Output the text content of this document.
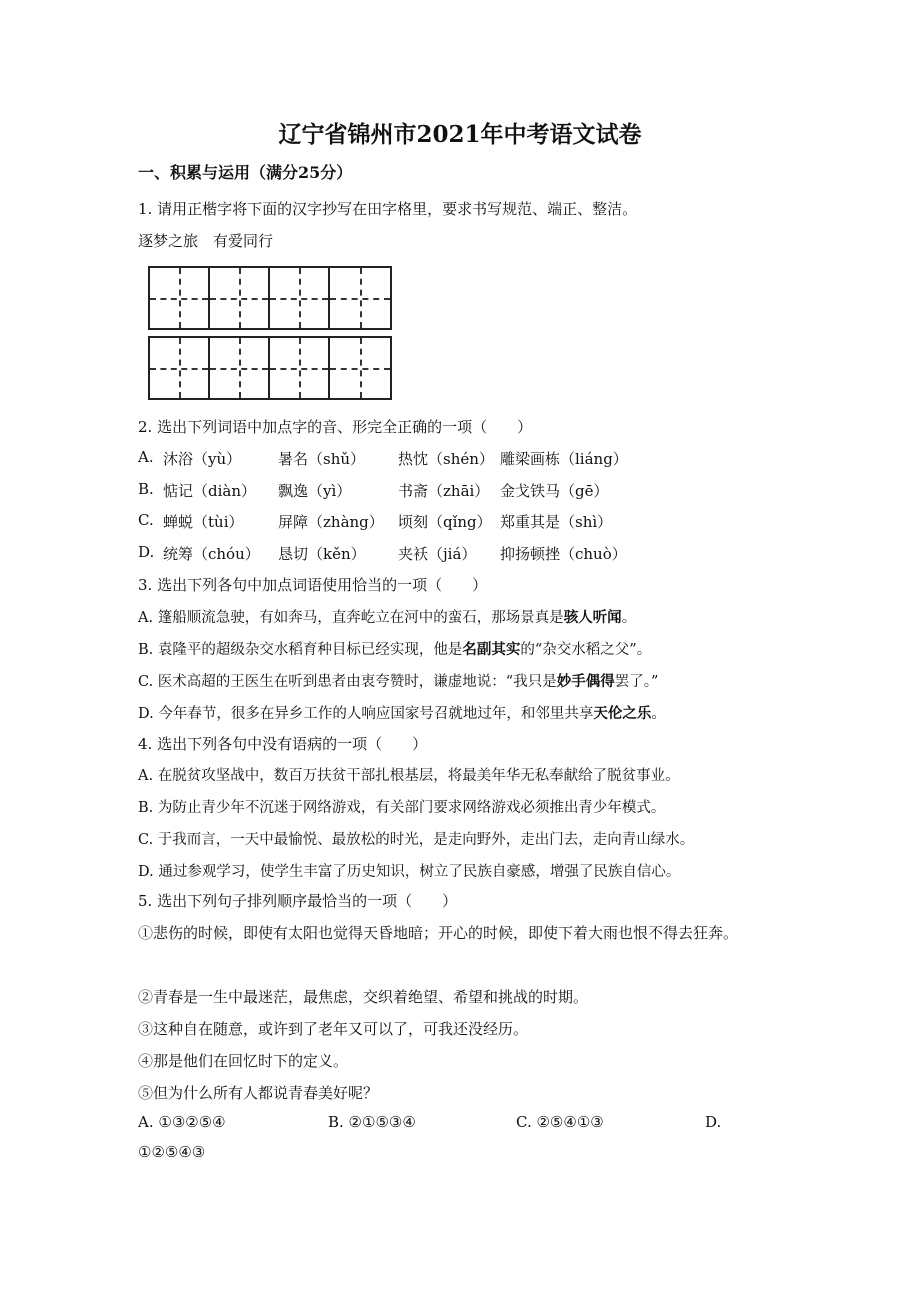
辽宁省锦州市2021年中考语文试卷
一、积累与运用（满分25分）
1. 请用正楷字将下面的汉字抄写在田字格里，要求书写规范、端正、整洁。
逐梦之旅　有爱同行
2. 选出下列词语中加点字的音、形完全正确的一项（　　）
A. 沐浴（yù） 暑名（shǔ） 热忱（shén） 雕梁画栋（liáng）
B. 惦记（diàn） 飘逸（yì）	书斋（zhāi） 金戈铁马（gē）
C. 蝉蜕（tùi） 屏障（zhàng） 顷刻（qǐng） 郑重其是（shì）
D. 统筹（chóu） 恳切（kěn） 夹袄（jiá） 抑扬顿挫（chuò）
3. 选出下列各句中加点词语使用恰当的一项（　　）
A. 篷船顺流急驶，有如奔马，直奔屹立在河中的蛮石，那场景真是骇人听闻。
B. 袁隆平的超级杂交水稻育种目标已经实现，他是名副其实的“杂交水稻之父”。
C. 医术高超的王医生在听到患者由衷夸赞时，谦虚地说：“我只是妙手偶得罢了。”
D. 今年春节，很多在异乡工作的人响应国家号召就地过年，和邻里共享天伦之乐。
4. 选出下列各句中没有语病的一项（　　）
A. 在脱贫攻坚战中，数百万扶贫干部扎根基层，将最美年华无私奉献给了脱贫事业。
B. 为防止青少年不沉迷于网络游戏，有关部门要求网络游戏必须推出青少年模式。
C. 于我而言，一天中最愉悦、最放松的时光，是走向野外，走出门去，走向青山绿水。
D. 通过参观学习，使学生丰富了历史知识，树立了民族自豪感，增强了民族自信心。
5. 选出下列句子排列顺序最恰当的一项（　　）
①悲伤的时候，即使有太阳也觉得天昏地暗；开心的时候，即使下着大雨也恨不得去狂奔。
②青春是一生中最迷茫，最焦虑，交织着绝望、希望和挑战的时期。
③这种自在随意，或许到了老年又可以了，可我还没经历。
④那是他们在回忆时下的定义。
⑤但为什么所有人都说青春美好呢？
A. ①③②⑤④	B. ②①⑤③④	C. ②⑤④①③	D.
①②⑤④③
